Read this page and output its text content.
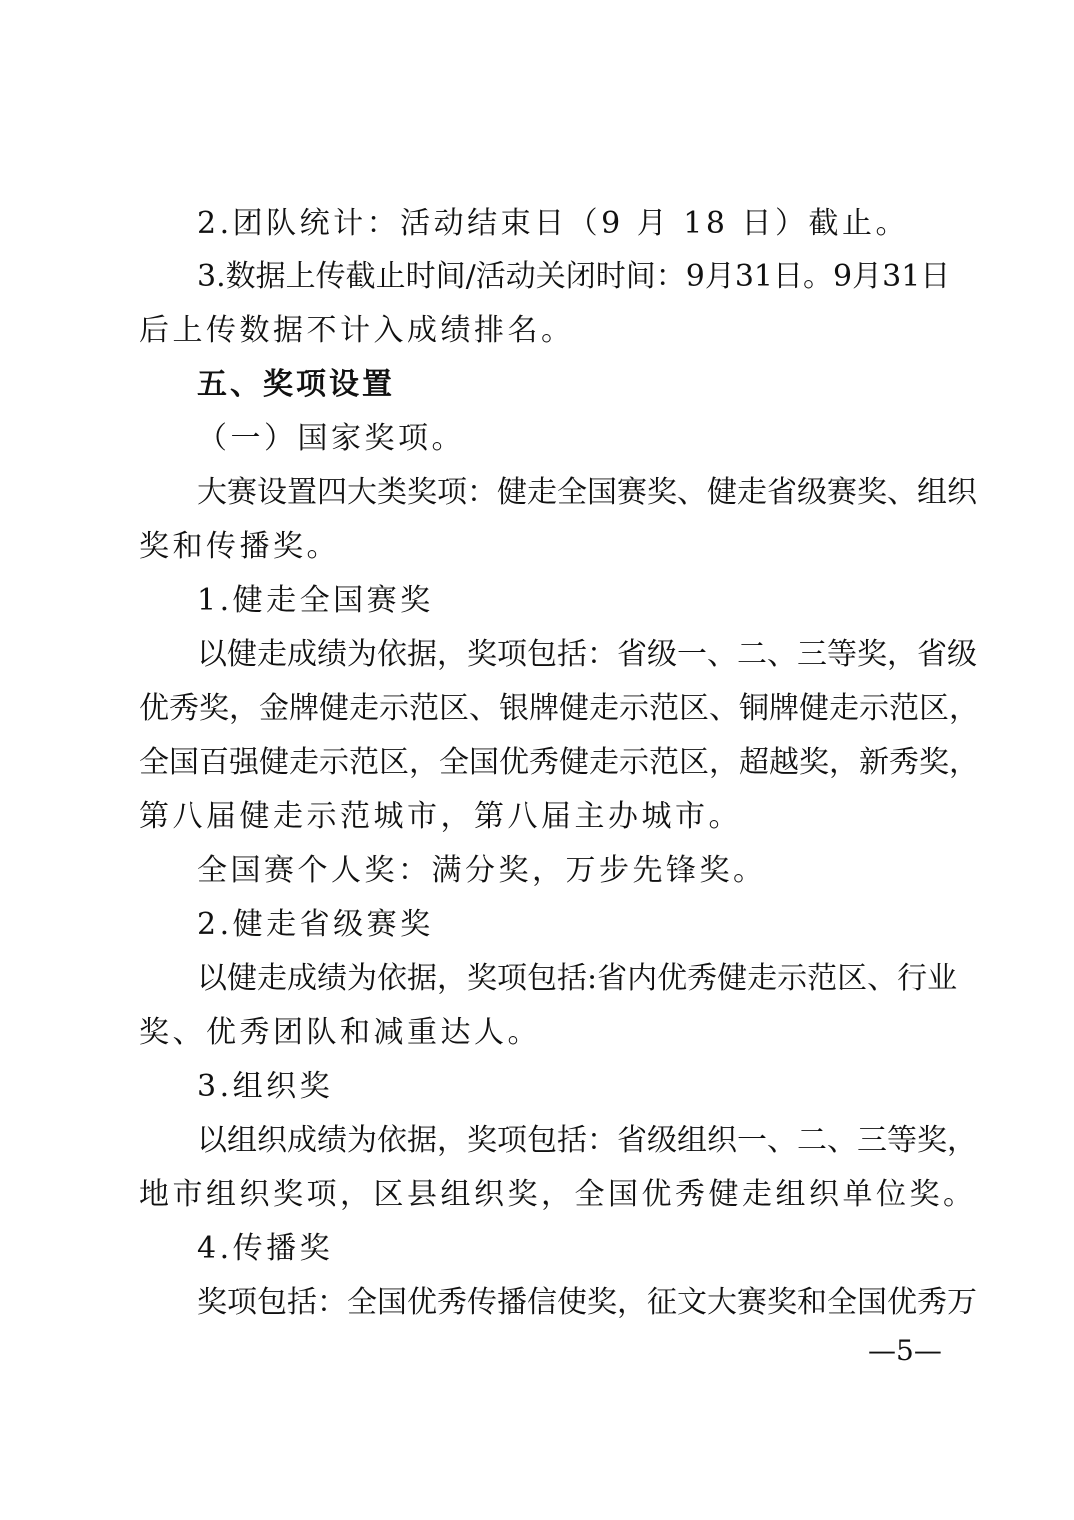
2.团队统计：活动结束日（9 月 18 日）截止。
3. 数 据 上 传 截 止 时 间 / 活 动 关 闭 时 间 ： 9 月 31 日 。 9 月 31 日
后上传数据不计入成绩排名。
五、奖项设置
（一）国家奖项。
大 赛 设 置 四 大 类 奖 项 ： 健 走 全 国 赛 奖 、 健 走 省 级 赛 奖 、 组 织
奖和传播奖。
1.健走全国赛奖
以 健 走 成 绩 为 依 据 ， 奖 项 包 括 ： 省 级 一 、 二 、 三 等 奖 ， 省 级
优 秀 奖 ， 金 牌 健 走 示 范 区 、 银 牌 健 走 示 范 区 、 铜 牌 健 走 示 范 区 ，
全 国 百 强 健 走 示 范 区 ， 全 国 优 秀 健 走 示 范 区 ， 超 越 奖 ， 新 秀 奖 ，
第八届健走示范城市，第八届主办城市。
全国赛个人奖：满分奖，万步先锋奖。
2.健走省级赛奖
以 健 走 成 绩 为 依 据 ， 奖 项 包 括 : 省 内 优 秀 健 走 示 范 区 、 行 业
奖、优秀团队和减重达人。
3.组织奖
以 组 织 成 绩 为 依 据 ， 奖 项 包 括 ： 省 级 组 织 一 、 二 、 三 等 奖 ，
地市组织奖项，区县组织奖，全国优秀健走组织单位奖。
4.传播奖
奖 项 包 括 ： 全 国 优 秀 传 播 信 使 奖 ， 征 文 大 赛 奖 和 全 国 优 秀 万
—5—
